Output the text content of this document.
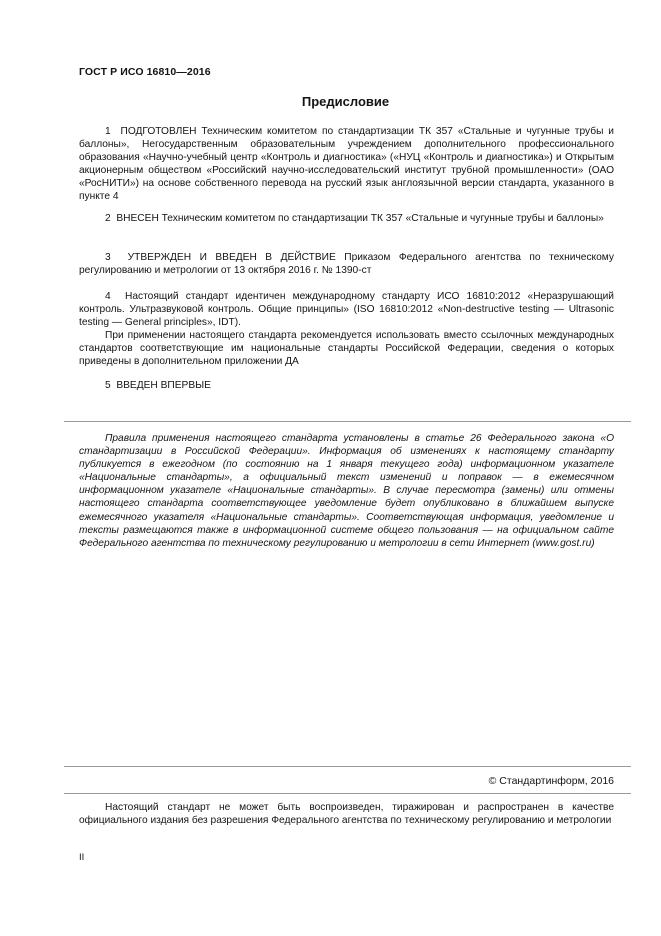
ГОСТ Р ИСО 16810—2016
Предисловие
1 ПОДГОТОВЛЕН Техническим комитетом по стандартизации ТК 357 «Стальные и чугунные трубы и баллоны», Негосударственным образовательным учреждением дополнительного профессионального образования «Научно-учебный центр «Контроль и диагностика» («НУЦ «Контроль и диагностика») и Открытым акционерным обществом «Российский научно-исследовательский институт трубной промышленности» (ОАО «РосНИТИ») на основе собственного перевода на русский язык англоязычной версии стандарта, указанного в пункте 4
2 ВНЕСЕН Техническим комитетом по стандартизации ТК 357 «Стальные и чугунные трубы и баллоны»
3 УТВЕРЖДЕН И ВВЕДЕН В ДЕЙСТВИЕ Приказом Федерального агентства по техническому регулированию и метрологии от 13 октября 2016 г. № 1390-ст
4 Настоящий стандарт идентичен международному стандарту ИСО 16810:2012 «Неразрушающий контроль. Ультразвуковой контроль. Общие принципы» (ISO 16810:2012 «Non-destructive testing — Ultrasonic testing — General principles», IDT).
При применении настоящего стандарта рекомендуется использовать вместо ссылочных международных стандартов соответствующие им национальные стандарты Российской Федерации, сведения о которых приведены в дополнительном приложении ДА
5 ВВЕДЕН ВПЕРВЫЕ
Правила применения настоящего стандарта установлены в статье 26 Федерального закона «О стандартизации в Российской Федерации». Информация об изменениях к настоящему стандарту публикуется в ежегодном (по состоянию на 1 января текущего года) информационном указателе «Национальные стандарты», а официальный текст изменений и поправок — в ежемесячном информационном указателе «Национальные стандарты». В случае пересмотра (замены) или отмены настоящего стандарта соответствующее уведомление будет опубликовано в ближайшем выпуске ежемесячного указателя «Национальные стандарты». Соответствующая информация, уведомление и тексты размещаются также в информационной системе общего пользования — на официальном сайте Федерального агентства по техническому регулированию и метрологии в сети Интернет (www.gost.ru)
© Стандартинформ, 2016
Настоящий стандарт не может быть воспроизведен, тиражирован и распространен в качестве официального издания без разрешения Федерального агентства по техническому регулированию и метрологии
II
